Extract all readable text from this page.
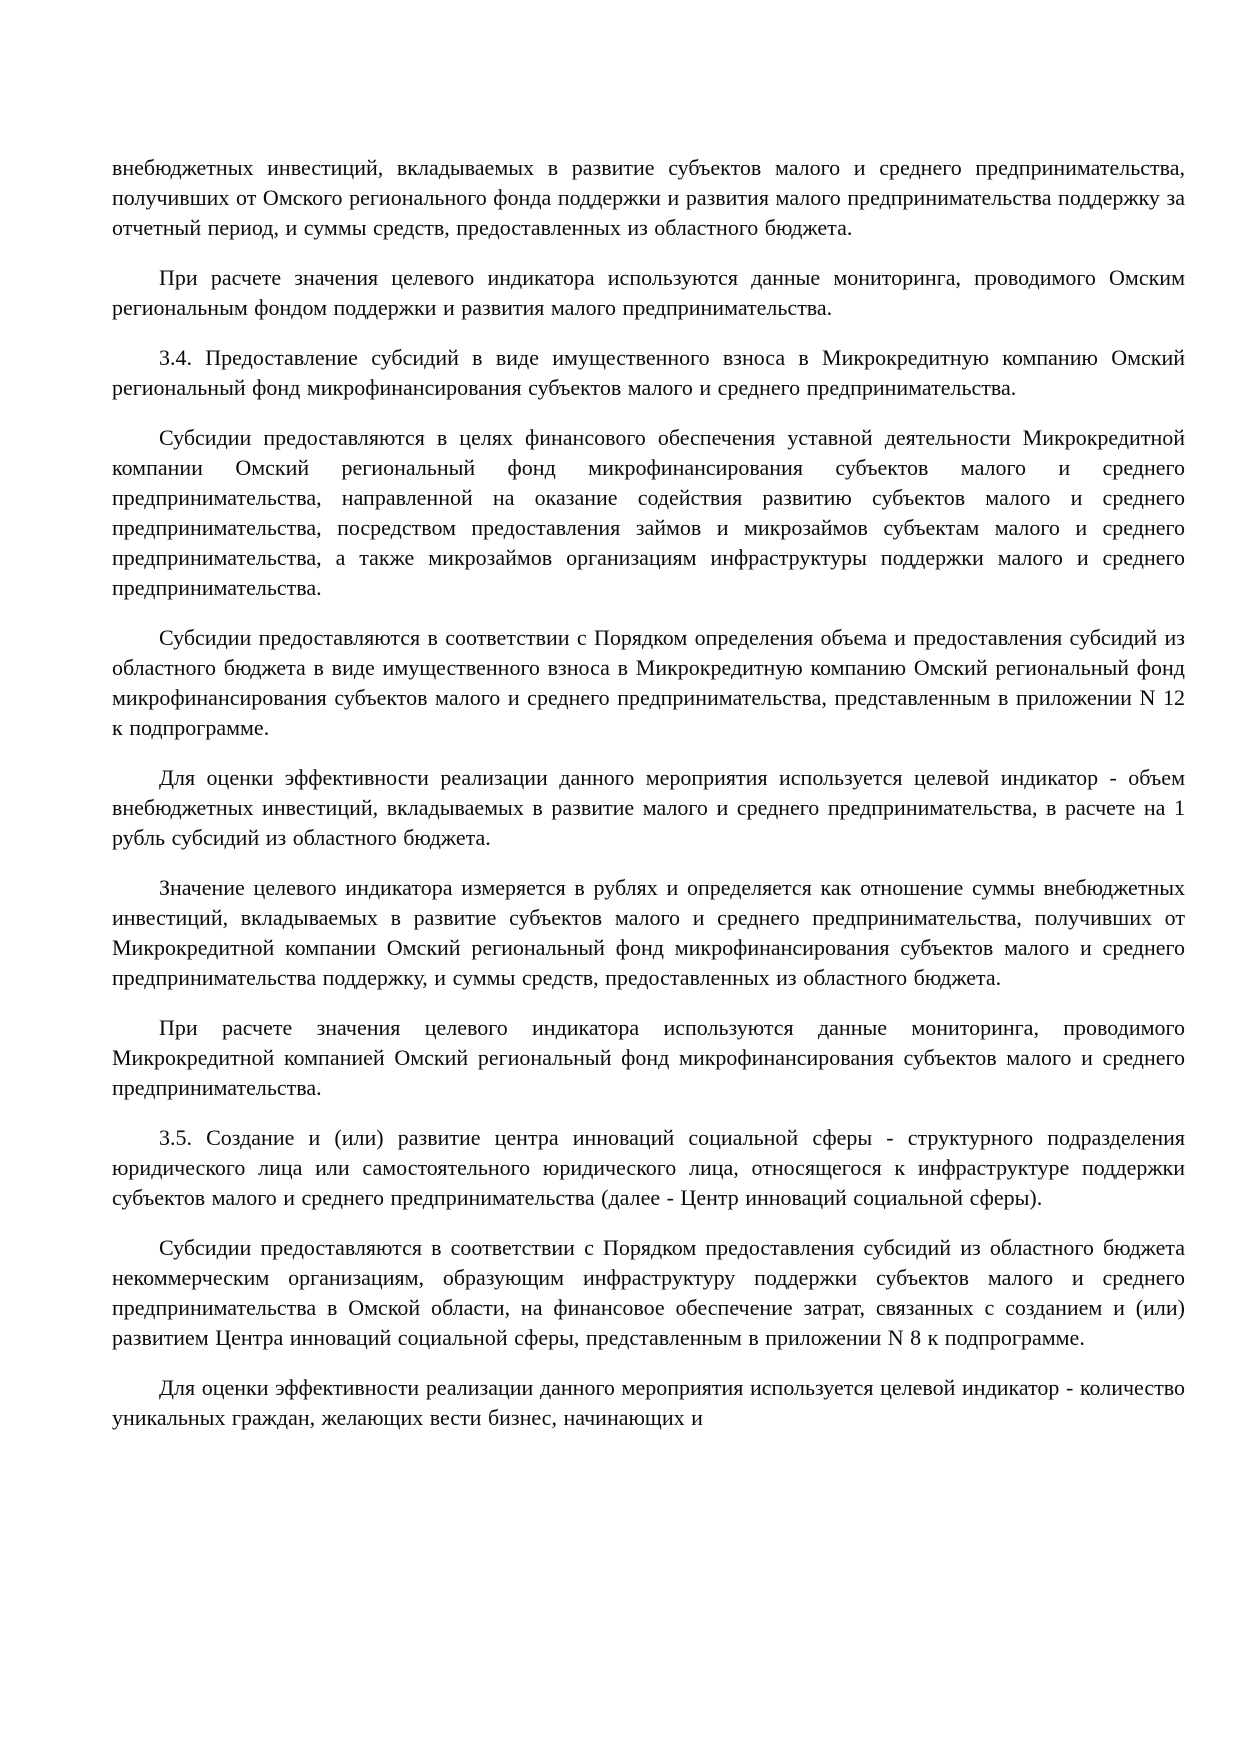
внебюджетных инвестиций, вкладываемых в развитие субъектов малого и среднего предпринимательства, получивших от Омского регионального фонда поддержки и развития малого предпринимательства поддержку за отчетный период, и суммы средств, предоставленных из областного бюджета.

При расчете значения целевого индикатора используются данные мониторинга, проводимого Омским региональным фондом поддержки и развития малого предпринимательства.

3.4. Предоставление субсидий в виде имущественного взноса в Микрокредитную компанию Омский региональный фонд микрофинансирования субъектов малого и среднего предпринимательства.

Субсидии предоставляются в целях финансового обеспечения уставной деятельности Микрокредитной компании Омский региональный фонд микрофинансирования субъектов малого и среднего предпринимательства, направленной на оказание содействия развитию субъектов малого и среднего предпринимательства, посредством предоставления займов и микрозаймов субъектам малого и среднего предпринимательства, а также микрозаймов организациям инфраструктуры поддержки малого и среднего предпринимательства.

Субсидии предоставляются в соответствии с Порядком определения объема и предоставления субсидий из областного бюджета в виде имущественного взноса в Микрокредитную компанию Омский региональный фонд микрофинансирования субъектов малого и среднего предпринимательства, представленным в приложении N 12 к подпрограмме.

Для оценки эффективности реализации данного мероприятия используется целевой индикатор - объем внебюджетных инвестиций, вкладываемых в развитие малого и среднего предпринимательства, в расчете на 1 рубль субсидий из областного бюджета.

Значение целевого индикатора измеряется в рублях и определяется как отношение суммы внебюджетных инвестиций, вкладываемых в развитие субъектов малого и среднего предпринимательства, получивших от Микрокредитной компании Омский региональный фонд микрофинансирования субъектов малого и среднего предпринимательства поддержку, и суммы средств, предоставленных из областного бюджета.

При расчете значения целевого индикатора используются данные мониторинга, проводимого Микрокредитной компанией Омский региональный фонд микрофинансирования субъектов малого и среднего предпринимательства.

3.5. Создание и (или) развитие центра инноваций социальной сферы - структурного подразделения юридического лица или самостоятельного юридического лица, относящегося к инфраструктуре поддержки субъектов малого и среднего предпринимательства (далее - Центр инноваций социальной сферы).

Субсидии предоставляются в соответствии с Порядком предоставления субсидий из областного бюджета некоммерческим организациям, образующим инфраструктуру поддержки субъектов малого и среднего предпринимательства в Омской области, на финансовое обеспечение затрат, связанных с созданием и (или) развитием Центра инноваций социальной сферы, представленным в приложении N 8 к подпрограмме.

Для оценки эффективности реализации данного мероприятия используется целевой индикатор - количество уникальных граждан, желающих вести бизнес, начинающих и
